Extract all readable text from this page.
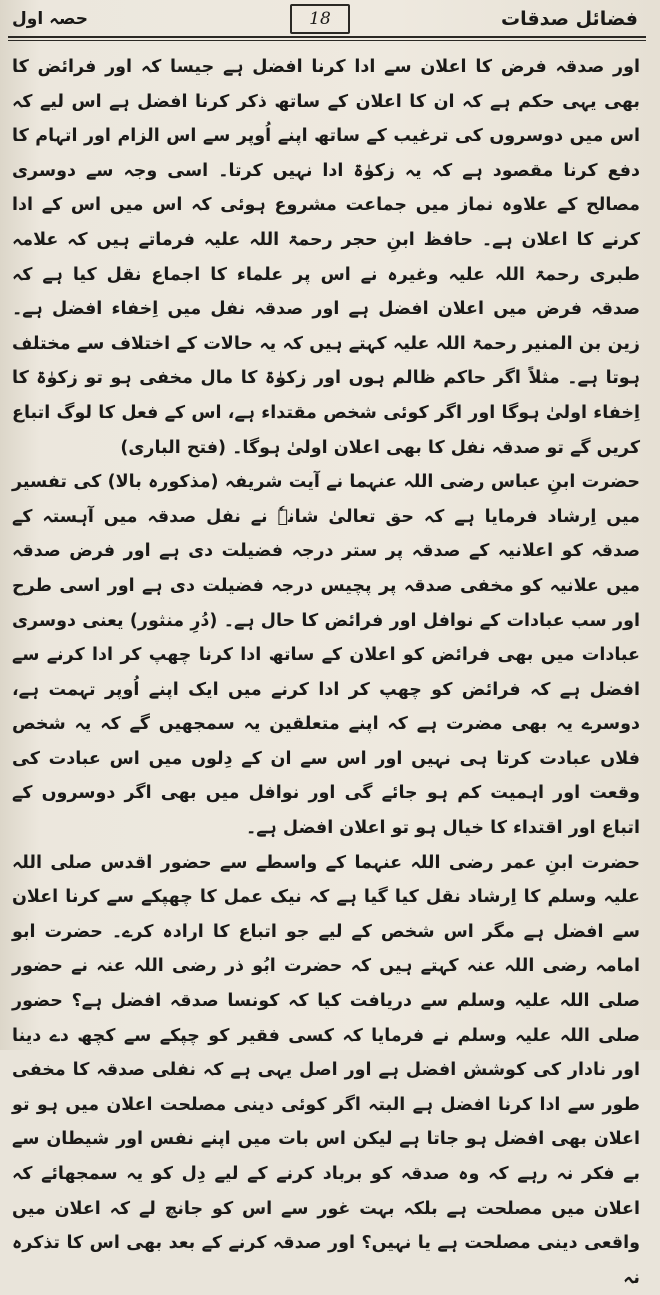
فضائل صدقات
18
حصہ اول

اور صدقہ فرض کا اعلان سے ادا کرنا افضل ہے جیسا کہ اور فرائض کا بھی یہی حکم ہے کہ ان کا اعلان کے ساتھ ذکر کرنا افضل ہے اس لیے کہ اس میں دوسروں کی ترغیب کے ساتھ اپنے اُوپر سے اس الزام اور اتہام کا دفع کرنا مقصود ہے کہ یہ زکوٰۃ ادا نہیں کرتا۔ اسی وجہ سے دوسری مصالح کے علاوہ نماز میں جماعت مشروع ہوئی کہ اس میں اس کے ادا کرنے کا اعلان ہے۔ حافظ ابنِ حجر رحمۃ اللہ علیہ فرماتے ہیں کہ علامہ طبری رحمۃ اللہ علیہ وغیرہ نے اس پر علماء کا اجماع نقل کیا ہے کہ صدقہ فرض میں اعلان افضل ہے اور صدقہ نفل میں اِخفاء افضل ہے۔ زین بن المنیر رحمۃ اللہ علیہ کہتے ہیں کہ یہ حالات کے اختلاف سے مختلف ہوتا ہے۔ مثلاً اگر حاکم ظالم ہوں اور زکوٰۃ کا مال مخفی ہو تو زکوٰۃ کا اِخفاء اولیٰ ہوگا اور اگر کوئی شخص مقتداء ہے، اس کے فعل کا لوگ اتباع کریں گے تو صدقہ نفل کا بھی اعلان اولیٰ ہوگا۔ (فتح الباری)

حضرت ابنِ عباس رضی اللہ عنہما نے آیت شریفہ (مذکورہ بالا) کی تفسیر میں اِرشاد فرمایا ہے کہ حق تعالیٰ شانہٗ نے نفل صدقہ میں آہستہ کے صدقہ کو اعلانیہ کے صدقہ پر ستر درجہ فضیلت دی ہے اور فرض صدقہ میں علانیہ کو مخفی صدقہ پر پچیس درجہ فضیلت دی ہے اور اسی طرح اور سب عبادات کے نوافل اور فرائض کا حال ہے۔ (دُرِ منثور) یعنی دوسری عبادات میں بھی فرائض کو اعلان کے ساتھ ادا کرنا چھپ کر ادا کرنے سے افضل ہے کہ فرائض کو چھپ کر ادا کرنے میں ایک اپنے اُوپر تہمت ہے، دوسرے یہ بھی مضرت ہے کہ اپنے متعلقین یہ سمجھیں گے کہ یہ شخص فلاں عبادت کرتا ہی نہیں اور اس سے ان کے دِلوں میں اس عبادت کی وقعت اور اہمیت کم ہو جائے گی اور نوافل میں بھی اگر دوسروں کے اتباع اور اقتداء کا خیال ہو تو اعلان افضل ہے۔

حضرت ابنِ عمر رضی اللہ عنہما کے واسطے سے حضور اقدس صلی اللہ علیہ وسلم کا اِرشاد نقل کیا گیا ہے کہ نیک عمل کا چھپکے سے کرنا اعلان سے افضل ہے مگر اس شخص کے لیے جو اتباع کا ارادہ کرے۔ حضرت ابو امامہ رضی اللہ عنہ کہتے ہیں کہ حضرت ابُو ذر رضی اللہ عنہ نے حضور صلی اللہ علیہ وسلم سے دریافت کیا کہ کونسا صدقہ افضل ہے؟ حضور صلی اللہ علیہ وسلم نے فرمایا کہ کسی فقیر کو چپکے سے کچھ دے دینا اور نادار کی کوشش افضل ہے اور اصل یہی ہے کہ نفلی صدقہ کا مخفی طور سے ادا کرنا افضل ہے البتہ اگر کوئی دینی مصلحت اعلان میں ہو تو اعلان بھی افضل ہو جاتا ہے لیکن اس بات میں اپنے نفس اور شیطان سے بے فکر نہ رہے کہ وہ صدقہ کو برباد کرنے کے لیے دِل کو یہ سمجھائے کہ اعلان میں مصلحت ہے بلکہ بہت غور سے اس کو جانچ لے کہ اعلان میں واقعی دینی مصلحت ہے یا نہیں؟ اور صدقہ کرنے کے بعد بھی اس کا تذکرہ نہ
